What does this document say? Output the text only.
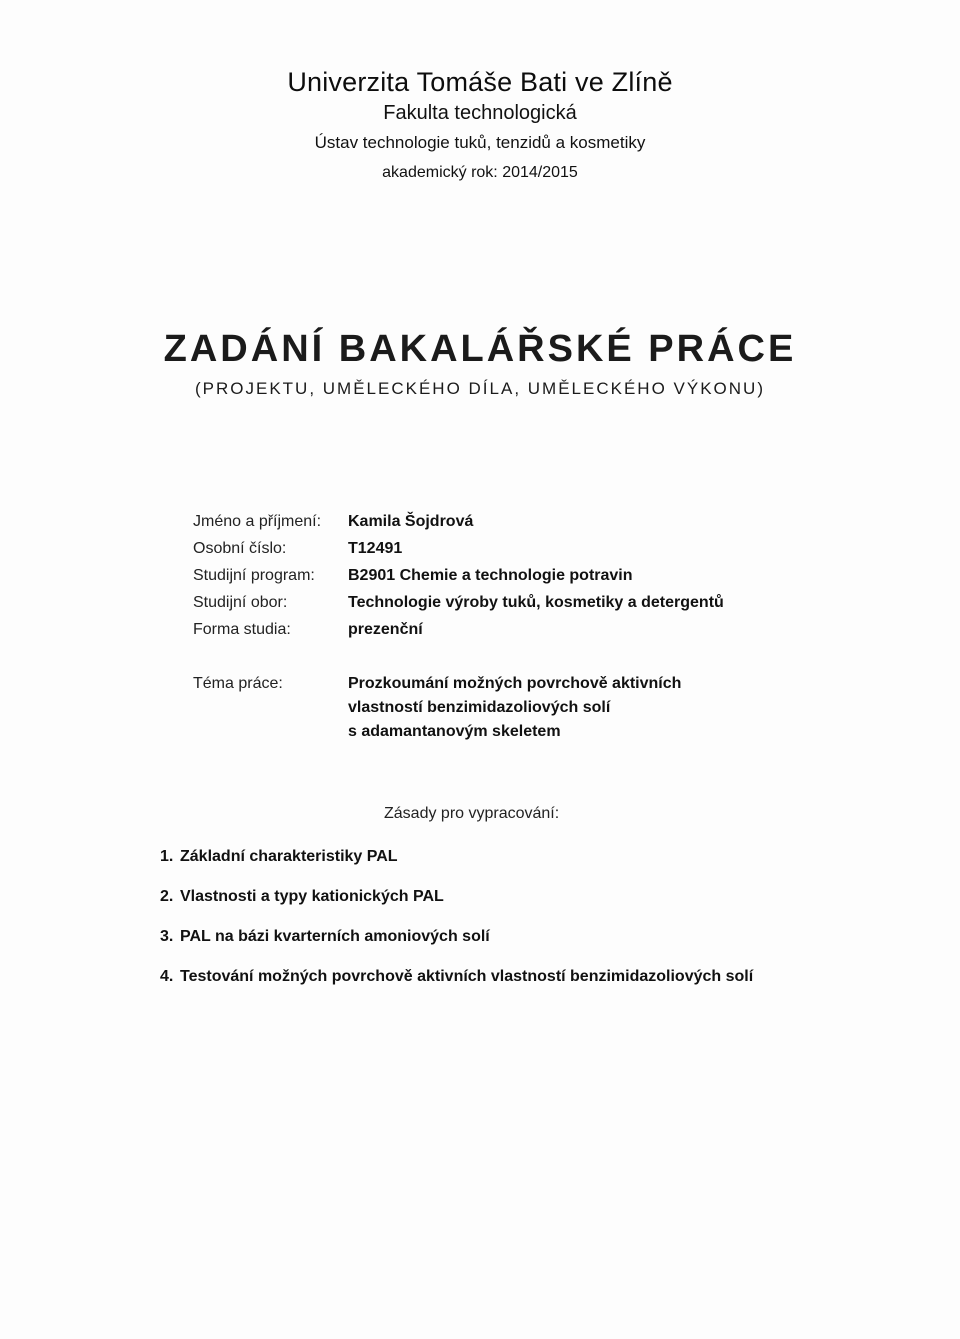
Univerzita Tomáše Bati ve Zlíně
Fakulta technologická
Ústav technologie tuků, tenzidů a kosmetiky
akademický rok: 2014/2015
ZADÁNÍ BAKALÁŘSKÉ PRÁCE
(PROJEKTU, UMĚLECKÉHO DÍLA, UMĚLECKÉHO VÝKONU)
Jméno a příjmení:	Kamila Šojdrová
Osobní číslo:	T12491
Studijní program:	B2901 Chemie a technologie potravin
Studijní obor:	Technologie výroby tuků, kosmetiky a detergentů
Forma studia:	prezenční
Téma práce:	Prozkoumání možných povrchově aktivních
vlastností benzimidazoliových solí
s adamantanovým skeletem
Zásady pro vypracování:
1. Základní charakteristiky PAL
2. Vlastnosti a typy kationických PAL
3. PAL na bázi kvarterních amoniových solí
4. Testování možných povrchově aktivních vlastností benzimidazoliových solí
